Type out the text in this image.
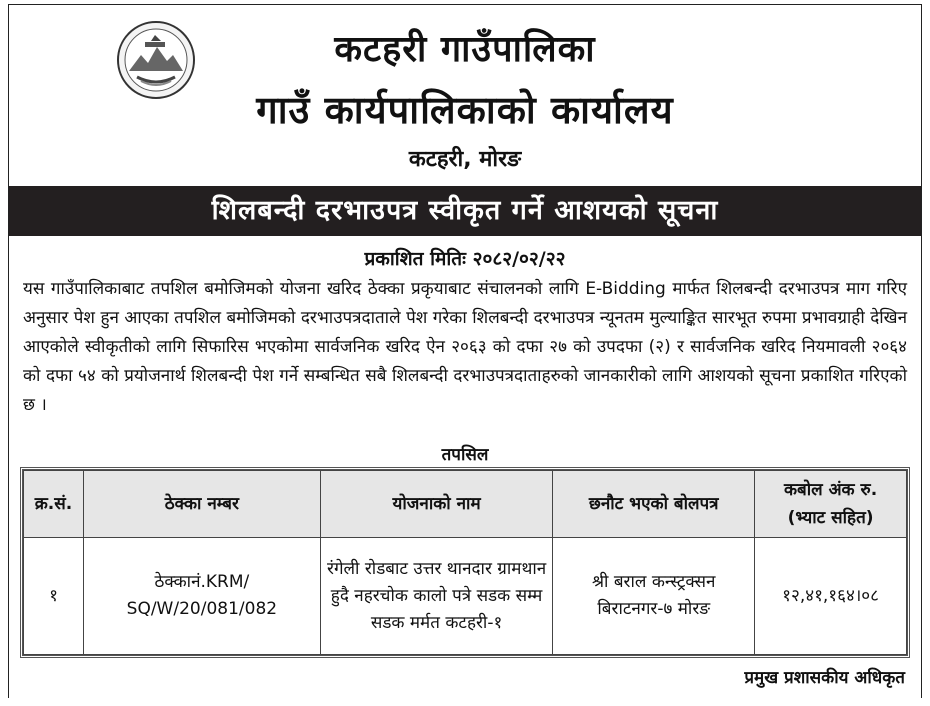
कटहरी गाउँपालिका
गाउँ कार्यपालिकाको कार्यालय
कटहरी, मोरङ
शिलबन्दी दरभाउपत्र स्वीकृत गर्ने आशयको सूचना
प्रकाशित मितिः २०८२/०२/२२
यस गाउँपालिकाबाट तपशिल बमोजिमको योजना खरिद ठेक्का प्रकृयाबाट संचालनको लागि E-Bidding मार्फत शिलबन्दी दरभाउपत्र माग गरिए अनुसार पेश हुन आएका तपशिल बमोजिमको दरभाउपत्रदाताले पेश गरेका शिलबन्दी दरभाउपत्र न्यूनतम मुल्याङ्कित सारभूत रुपमा प्रभावग्राही देखिन आएकोले स्वीकृतीको लागि सिफारिस भएकोमा सार्वजनिक खरिद ऐन २०६३ को दफा २७ को उपदफा (२) र सार्वजनिक खरिद नियमावली २०६४ को दफा ५४ को प्रयोजनार्थ शिलबन्दी पेश गर्ने सम्बन्धित सबै शिलबन्दी दरभाउपत्रदाताहरुको जानकारीको लागि आशयको सूचना प्रकाशित गरिएको छ ।
तपसिल
क्र.सं.	ठेक्का नम्बर	योजनाको नाम	छनौट भएको बोलपत्र	कबोल अंक रु.
(भ्याट सहित)

१	ठेक्कानं.KRM/ SQ/W/20/081/082	रंगेली रोडबाट उत्तर थानदार ग्रामथान हुदै नहरचोक कालो पत्रे सडक सम्म सडक मर्मत कटहरी-१	श्री बराल कन्स्ट्रक्सन बिराटनगर-७ मोरङ	१२,४१,१६४।०८
प्रमुख प्रशासकीय अधिकृत
